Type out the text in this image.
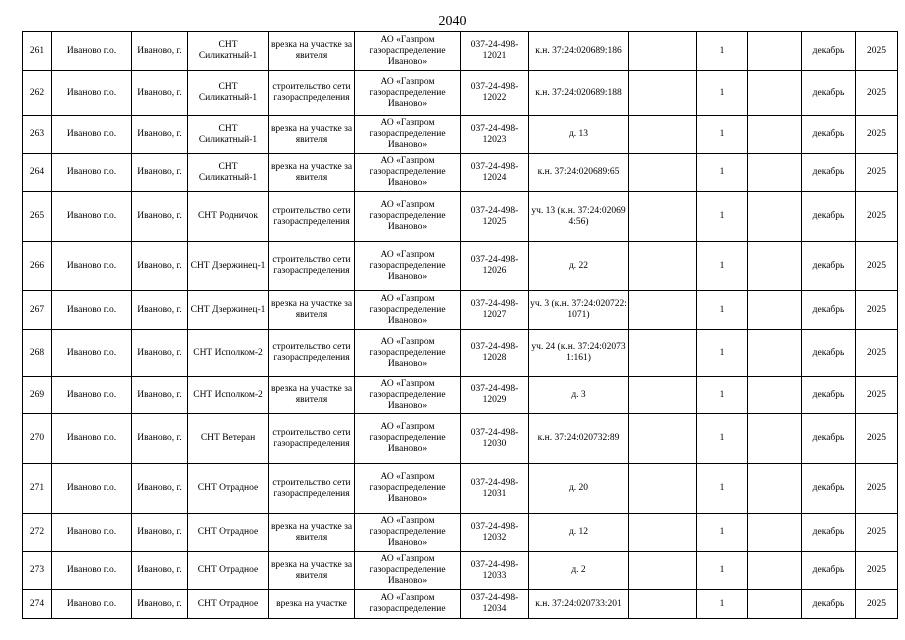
2040
261	Иваново г.о.	Иваново, г.	СНТ Силикатный-1	врезка на участке заявителя	АО «Газпром газораспределение Иваново»	037-24-498-12021	к.н. 37:24:020689:186		1		декабрь	2025
262	Иваново г.о.	Иваново, г.	СНТ Силикатный-1	строительство сети газораспределения	АО «Газпром газораспределение Иваново»	037-24-498-12022	к.н. 37:24:020689:188		1		декабрь	2025
263	Иваново г.о.	Иваново, г.	СНТ Силикатный-1	врезка на участке заявителя	АО «Газпром газораспределение Иваново»	037-24-498-12023	д. 13		1		декабрь	2025
264	Иваново г.о.	Иваново, г.	СНТ Силикатный-1	врезка на участке заявителя	АО «Газпром газораспределение Иваново»	037-24-498-12024	к.н. 37:24:020689:65		1		декабрь	2025
265	Иваново г.о.	Иваново, г.	СНТ Родничок	строительство сети газораспределения	АО «Газпром газораспределение Иваново»	037-24-498-12025	уч. 13 (к.н. 37:24:020694:56)		1		декабрь	2025
266	Иваново г.о.	Иваново, г.	СНТ Дзержинец-1	строительство сети газораспределения	АО «Газпром газораспределение Иваново»	037-24-498-12026	д. 22		1		декабрь	2025
267	Иваново г.о.	Иваново, г.	СНТ Дзержинец-1	врезка на участке заявителя	АО «Газпром газораспределение Иваново»	037-24-498-12027	уч. 3 (к.н. 37:24:020722:1071)		1		декабрь	2025
268	Иваново г.о.	Иваново, г.	СНТ Исполком-2	строительство сети газораспределения	АО «Газпром газораспределение Иваново»	037-24-498-12028	уч. 24 (к.н. 37:24:020731:161)		1		декабрь	2025
269	Иваново г.о.	Иваново, г.	СНТ Исполком-2	врезка на участке заявителя	АО «Газпром газораспределение Иваново»	037-24-498-12029	д. 3		1		декабрь	2025
270	Иваново г.о.	Иваново, г.	СНТ Ветеран	строительство сети газораспределения	АО «Газпром газораспределение Иваново»	037-24-498-12030	к.н. 37:24:020732:89		1		декабрь	2025
271	Иваново г.о.	Иваново, г.	СНТ Отрадное	строительство сети газораспределения	АО «Газпром газораспределение Иваново»	037-24-498-12031	д. 20		1		декабрь	2025
272	Иваново г.о.	Иваново, г.	СНТ Отрадное	врезка на участке заявителя	АО «Газпром газораспределение Иваново»	037-24-498-12032	д. 12		1		декабрь	2025
273	Иваново г.о.	Иваново, г.	СНТ Отрадное	врезка на участке заявителя	АО «Газпром газораспределение Иваново»	037-24-498-12033	д. 2		1		декабрь	2025
274	Иваново г.о.	Иваново, г.	СНТ Отрадное	врезка на участке	АО «Газпром газораспределение	037-24-498-12034	к.н. 37:24:020733:201		1		декабрь	2025
